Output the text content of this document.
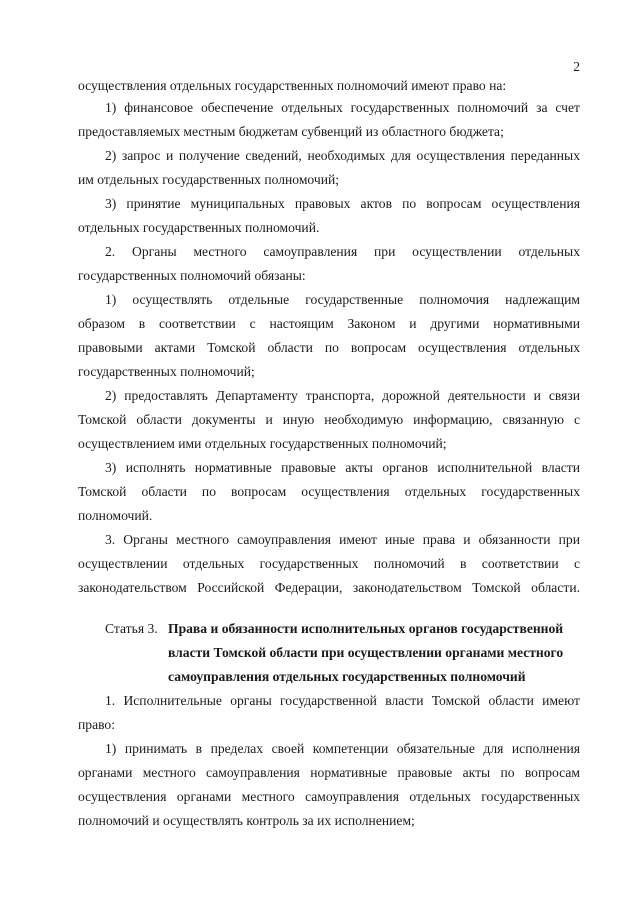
2
осуществления отдельных государственных полномочий имеют право на:
1) финансовое обеспечение отдельных государственных полномочий за счет
предоставляемых местным бюджетам субвенций из областного бюджета;
2) запрос и получение сведений, необходимых для осуществления переданных
им отдельных государственных полномочий;
3) принятие муниципальных правовых актов по вопросам осуществления
отдельных государственных полномочий.
2. Органы местного самоуправления при осуществлении отдельных
государственных полномочий обязаны:
1) осуществлять отдельные государственные полномочия надлежащим
образом в соответствии с настоящим Законом и другими нормативными
правовыми актами Томской области по вопросам осуществления отдельных
государственных полномочий;
2) предоставлять Департаменту транспорта, дорожной деятельности и связи
Томской области документы и иную необходимую информацию, связанную с
осуществлением ими отдельных государственных полномочий;
3) исполнять нормативные правовые акты органов исполнительной власти
Томской области по вопросам осуществления отдельных государственных
полномочий.
3. Органы местного самоуправления имеют иные права и обязанности при
осуществлении отдельных государственных полномочий в соответствии с
законодательством Российской Федерации, законодательством Томской области.
Статья 3. Права и обязанности исполнительных органов государственной
власти Томской области при осуществлении органами местного
самоуправления отдельных государственных полномочий
1. Исполнительные органы государственной власти Томской области имеют
право:
1) принимать в пределах своей компетенции обязательные для исполнения
органами местного самоуправления нормативные правовые акты по вопросам
осуществления органами местного самоуправления отдельных государственных
полномочий и осуществлять контроль за их исполнением;
